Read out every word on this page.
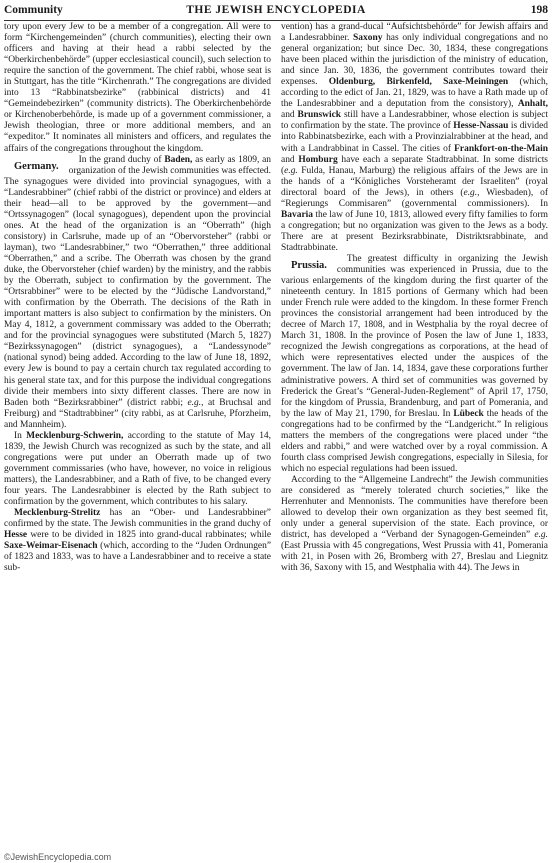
Community	THE JEWISH ENCYCLOPEDIA	198

tory upon every Jew to be a member of a congregation. All were to form “Kirchengemeinden” (church communities), electing their own officers and having at their head a rabbi selected by the “Oberkirchenbehörde” (upper ecclesiastical council), such selection to require the sanction of the government. The chief rabbi, whose seat is in Stuttgart, has the title “Kirchenrath.” The congregations are divided into 13 “Rabbinatsbezirke” (rabbinical districts) and 41 “Gemeindebezirken” (community districts). The Oberkirchenbehörde or Kirchenoberbehörde, is made up of a government commissioner, a Jewish theologian, three or more additional members, and an “expeditor.” It nominates all ministers and officers, and regulates the affairs of the congregations throughout the kingdom.

Germany.
In the grand duchy of Baden, as early as 1809, an organization of the Jewish communities was effected. The synagogues were divided into provincial synagogues, with a “Landesrabbiner” (chief rabbi of the district or province) and elders at their head—all to be approved by the government—and “Ortssynagogen” (local synagogues), dependent upon the provincial ones. At the head of the organization is an “Oberrath” (high consistory) in Carlsruhe, made up of an “Obervorsteher” (rabbi or layman), two “Landesrabbiner,” two “Oberrathen,” three additional “Oberrathen,” and a scribe. The Oberrath was chosen by the grand duke, the Obervorsteher (chief warden) by the ministry, and the rabbis by the Oberrath, subject to confirmation by the government. The “Ortsrabbiner” were to be elected by the “Jüdische Landvorstand,” with confirmation by the Oberrath. The decisions of the Rath in important matters is also subject to confirmation by the ministers. On May 4, 1812, a government commissary was added to the Oberrath; and for the provincial synagogues were substituted (March 5, 1827) “Bezirkssynagogen” (district synagogues), a “Landessynode” (national synod) being added. According to the law of June 18, 1892, every Jew is bound to pay a certain church tax regulated according to his general state tax, and for this purpose the individual congregations divide their members into sixty different classes. There are now in Baden both “Bezirksrabbiner” (district rabbi; e.g., at Bruchsal and Freiburg) and “Stadtrabbiner” (city rabbi, as at Carlsruhe, Pforzheim, and Mannheim).

In Mecklenburg-Schwerin, according to the statute of May 14, 1839, the Jewish Church was recognized as such by the state, and all congregations were put under an Oberrath made up of two government commissaries (who have, however, no voice in religious matters), the Landesrabbiner, and a Rath of five, to be changed every four years. The Landesrabbiner is elected by the Rath subject to confirmation by the government, which contributes to his salary.

Mecklenburg-Strelitz has an “Ober- und Landesrabbiner” confirmed by the state. The Jewish communities in the grand duchy of Hesse were to be divided in 1825 into grand-ducal rabbinates; while Saxe-Weimar-Eisenach (which, according to the “Juden Ordnungen” of 1823 and 1833, was to have a Landesrabbiner and to receive a state sub-

vention) has a grand-ducal “Aufsichtsbehörde” for Jewish affairs and a Landesrabbiner. Saxony has only individual congregations and no general organization; but since Dec. 30, 1834, these congregations have been placed within the jurisdiction of the ministry of education, and since Jan. 30, 1836, the government contributes toward their expenses. Oldenburg, Birkenfeld, Saxe-Meiningen (which, according to the edict of Jan. 21, 1829, was to have a Rath made up of the Landesrabbiner and a deputation from the consistory), Anhalt, and Brunswick still have a Landesrabbiner, whose election is subject to confirmation by the state. The province of Hesse-Nassau is divided into Rabbinatsbezirke, each with a Provinzialrabbiner at the head, and with a Landrabbinat in Cassel. The cities of Frankfort-on-the-Main and Homburg have each a separate Stadtrabbinat. In some districts (e.g. Fulda, Hanau, Marburg) the religious affairs of the Jews are in the hands of a “Königliches Vorsteheramt der Israeliten” (royal directoral board of the Jews), in others (e.g., Wiesbaden), of “Regierungs Commisaren” (governmental commissioners). In Bavaria the law of June 10, 1813, allowed every fifty families to form a congregation; but no organization was given to the Jews as a body. There are at present Bezirksrabbinate, Distriktsrabbinate, and Stadtrabbinate.

Prussia.
The greatest difficulty in organizing the Jewish communities was experienced in Prussia, due to the various enlargements of the kingdom during the first quarter of the nineteenth century. In 1815 portions of Germany which had been under French rule were added to the kingdom. In these former French provinces the consistorial arrangement had been introduced by the decree of March 17, 1808, and in Westphalia by the royal decree of March 31, 1808. In the province of Posen the law of June 1, 1833, recognized the Jewish congregations as corporations, at the head of which were representatives elected under the auspices of the government. The law of Jan. 14, 1834, gave these corporations further administrative powers. A third set of communities was governed by Frederick the Great’s “General-Juden-Reglement” of April 17, 1750, for the kingdom of Prussia, Brandenburg, and part of Pomerania, and by the law of May 21, 1790, for Breslau. In Lübeck the heads of the congregations had to be confirmed by the “Landgericht.” In religious matters the members of the congregations were placed under “the elders and rabbi,” and were watched over by a royal commission. A fourth class comprised Jewish congregations, especially in Silesia, for which no especial regulations had been issued.

According to the “Allgemeine Landrecht” the Jewish communities are considered as “merely tolerated church societies,” like the Herrenhuter and Mennonists. The communities have therefore been allowed to develop their own organization as they best seemed fit, only under a general supervision of the state. Each province, or district, has developed a “Verband der Synagogen-Gemeinden” e.g. (East Prussia with 45 congregations, West Prussia with 41, Pomerania with 21, in Posen with 26, Bromberg with 27, Breslau and Liegnitz with 36, Saxony with 15, and Westphalia with 44). The Jews in

©JewishEncyclopedia.com
